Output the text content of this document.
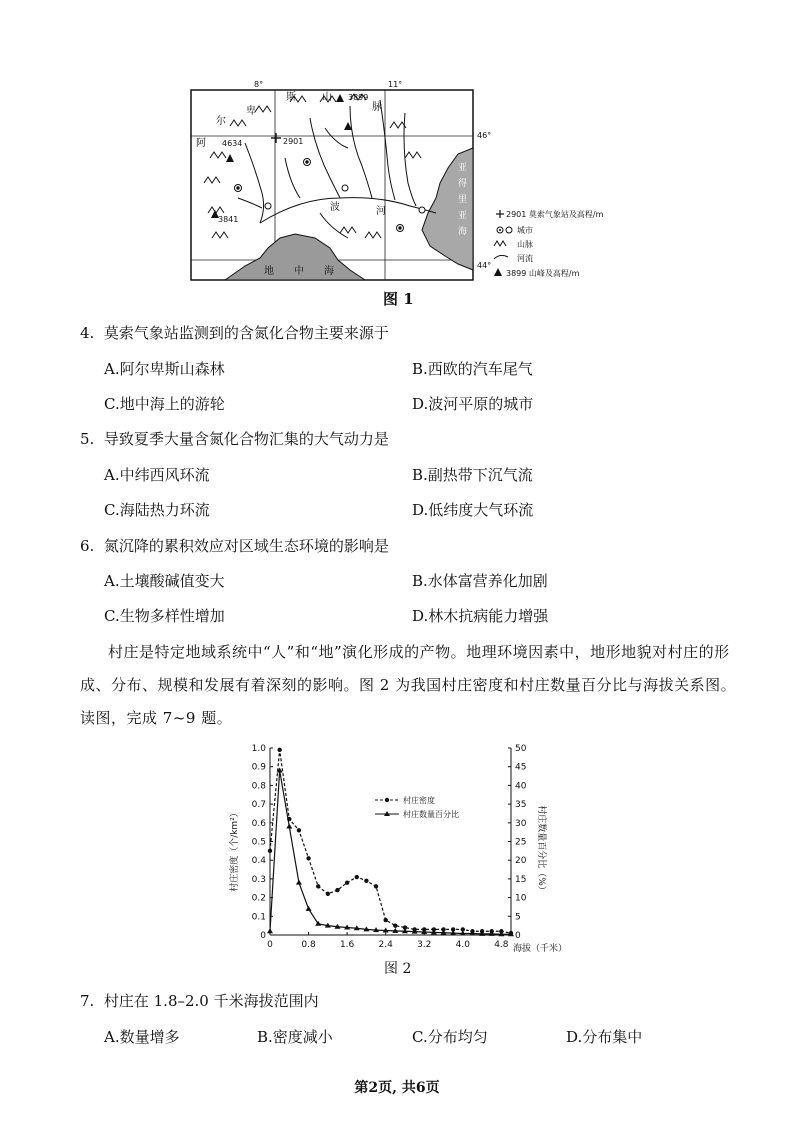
8°	11°
46°
44°
3899
4634
3841
2901
阿
尔
卑
斯	山
脉
波	河
地 中 海
亚
得
里
亚
海
2901 莫索气象站及高程/m
城市
山脉
河流
3899 山峰及高程/m
图 1
4. 莫索气象站监测到的含氮化合物主要来源于
A.阿尔卑斯山森林	B.西欧的汽车尾气
C.地中海上的游轮	D.波河平原的城市
5. 导致夏季大量含氮化合物汇集的大气动力是
A.中纬西风环流	B.副热带下沉气流
C.海陆热力环流	D.低纬度大气环流
6. 氮沉降的累积效应对区域生态环境的影响是
A.土壤酸碱值变大	B.水体富营养化加剧
C.生物多样性增加	D.林木抗病能力增强
村庄是特定地域系统中“人”和“地”演化形成的产物。地理环境因素中，地形地貌对村庄的形成、分布、规模和发展有着深刻的影响。图 2 为我国村庄密度和村庄数量百分比与海拔关系图。读图，完成 7~9 题。
0
0.1
0.2
0.3
0.4
0.5
0.6
0.7
0.8
0.9
1.0
0
5
10
15
20
25
30
35
40
45
50
0	0.8	1.6	2.4	3.2	4.0	4.8
村庄密度（个/km²）	村庄数量百分比（%）
海拔（千米）
村庄密度
村庄数量百分比
图 2
7. 村庄在 1.8–2.0 千米海拔范围内
A.数量增多	B.密度减小	C.分布均匀	D.分布集中
第2页, 共6页
